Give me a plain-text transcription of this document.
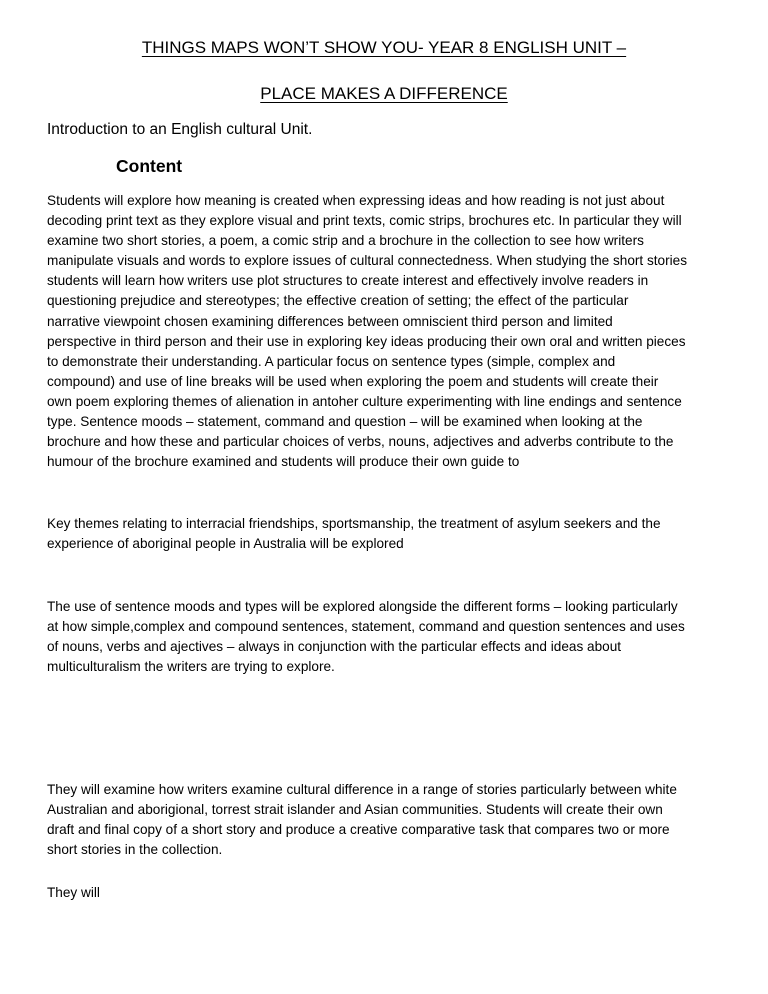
THINGS MAPS WON’T SHOW YOU- YEAR 8 ENGLISH UNIT –
PLACE MAKES A DIFFERENCE
Introduction to an English cultural Unit.
Content

Students will explore how meaning is created when expressing ideas and how reading is not just about
decoding print text as they explore visual and print texts, comic strips, brochures etc. In particular they will
examine two short stories, a poem, a comic strip and a brochure in the collection to see how writers
manipulate visuals and words to explore issues of cultural connectedness. When studying the short stories
students will learn how writers use plot structures to create interest and effectively involve readers in
questioning prejudice and stereotypes; the effective creation of setting; the effect of the particular
narrative viewpoint chosen examining differences between omniscient third person and limited
perspective in third person and their use in exploring key ideas producing their own oral and written pieces
to demonstrate their understanding. A particular focus on sentence types (simple, complex and
compound) and use of line breaks will be used when exploring the poem and students will create their
own poem exploring themes of alienation in antoher culture experimenting with line endings and sentence
type. Sentence moods – statement, command and question – will be examined when looking at the
brochure and how these and particular choices of verbs, nouns, adjectives and adverbs contribute to the
humour of the brochure examined and students will produce their own guide to

Key themes relating to interracial friendships, sportsmanship, the treatment of asylum seekers and the
experience of aboriginal people in Australia will be explored

The use of sentence moods and types will be explored alongside the different forms – looking particularly
at how simple,complex and compound sentences, statement, command and question sentences and uses
of nouns, verbs and ajectives – always in conjunction with the particular effects and ideas about
multiculturalism the writers are trying to explore.

They will examine how writers examine cultural difference in a range of stories particularly between white
Australian and aborigional, torrest strait islander and Asian communities. Students will create their own
draft and final copy of a short story and produce a creative comparative task that compares two or more
short stories in the collection.

They will
